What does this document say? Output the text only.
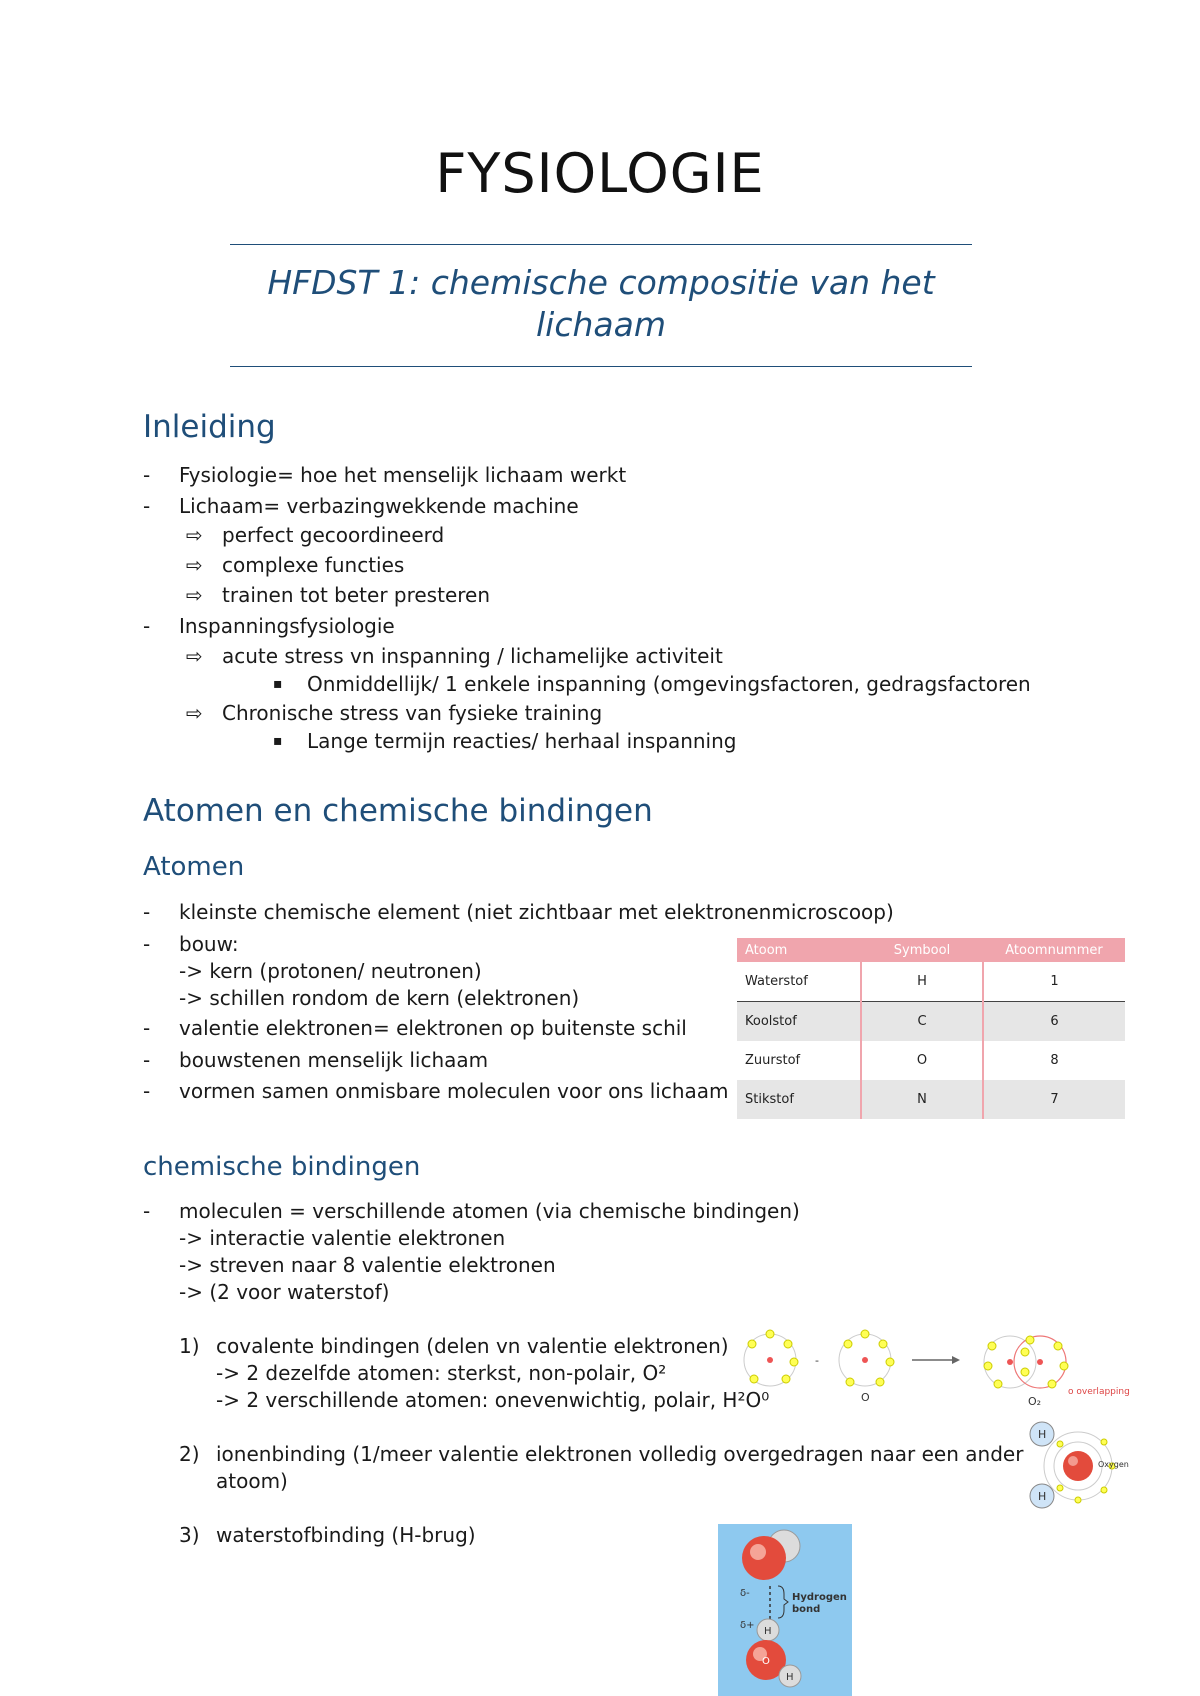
FYSIOLOGIE
HFDST 1: chemische compositie van het
lichaam
Inleiding
-	Fysiologie= hoe het menselijk lichaam werkt
-	Lichaam= verbazingwekkende machine
⇨ perfect gecoordineerd
⇨ complexe functies
⇨ trainen tot beter presteren
-	Inspanningsfysiologie
⇨ acute stress vn inspanning / lichamelijke activiteit
▪ Onmiddellijk/ 1 enkele inspanning (omgevingsfactoren, gedragsfactoren
⇨ Chronische stress van fysieke training
▪ Lange termijn reacties/ herhaal inspanning
Atomen en chemische bindingen
Atomen
-	kleinste chemische element (niet zichtbaar met elektronenmicroscoop)
-	bouw:
-> kern (protonen/ neutronen)
-> schillen rondom de kern (elektronen)
-	valentie elektronen= elektronen op buitenste schil
-	bouwstenen menselijk lichaam
-	vormen samen onmisbare moleculen voor ons lichaam
Atoom	Symbool	Atoomnummer
Waterstof	H	1
Koolstof	C	6
Zuurstof	O	8
Stikstof	N	7
chemische bindingen
-	moleculen = verschillende atomen (via chemische bindingen)
-> interactie valentie elektronen
-> streven naar 8 valentie elektronen
-> (2 voor waterstof)
1) covalente bindingen (delen vn valentie elektronen)
-> 2 dezelfde atomen: sterkst, non-polair, O²
-> 2 verschillende atomen: onevenwichtig, polair, H²O⁰
2) ionenbinding (1/meer valentie elektronen volledig overgedragen naar een ander
atoom)
3) waterstofbinding (H-brug)
-
O	O₂
o overlapping
H
H
Oxygen
δ-	Hydrogen
bond
δ+
H
O
H
